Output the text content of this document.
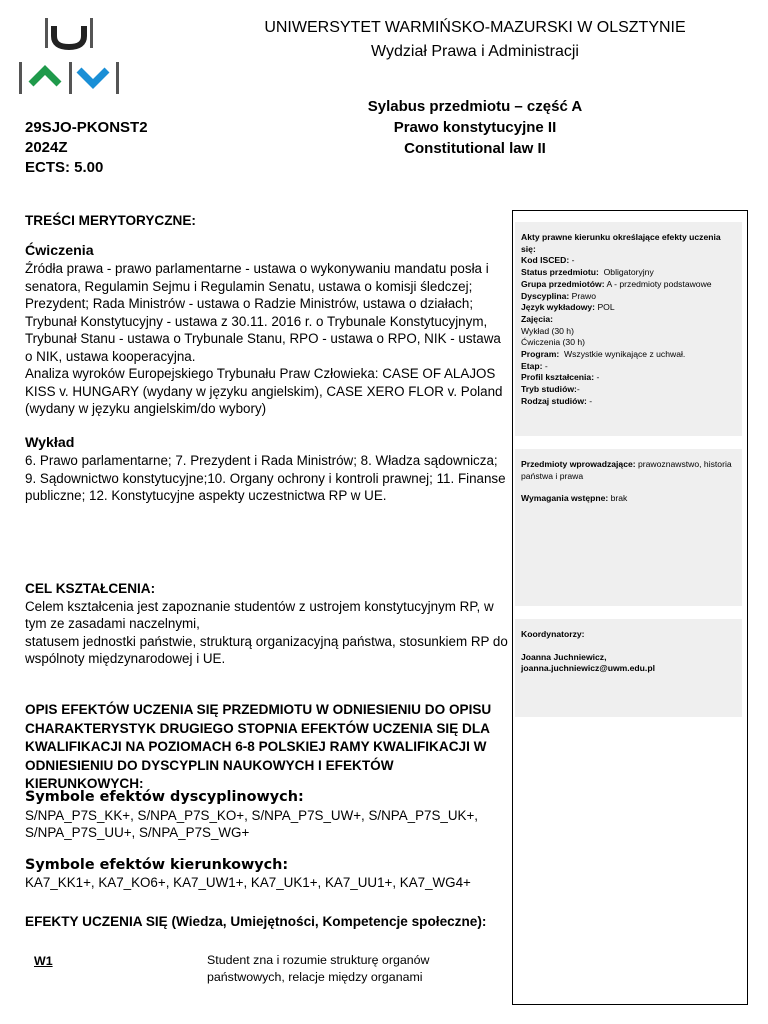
UNIWERSYTET WARMIŃSKO-MAZURSKI W OLSZTYNIE
Wydział Prawa i Administracji
Sylabus przedmiotu – część A
Prawo konstytucyjne II
Constitutional law II
29SJO-PKONST2
2024Z
ECTS: 5.00
TREŚCI MERYTORYCZNE:
Ćwiczenia
Źródła prawa - prawo parlamentarne - ustawa o wykonywaniu mandatu posła i senatora, Regulamin Sejmu i Regulamin Senatu, ustawa o komisji śledczej; Prezydent; Rada Ministrów - ustawa o Radzie Ministrów, ustawa o działach; Trybunał Konstytucyjny - ustawa z 30.11. 2016 r. o Trybunale Konstytucyjnym, Trybunał Stanu - ustawa o Trybunale Stanu, RPO - ustawa o RPO, NIK - ustawa o NIK, ustawa kooperacyjna.
Analiza wyroków Europejskiego Trybunału Praw Człowieka: CASE OF ALAJOS KISS v. HUNGARY (wydany w języku angielskim), CASE XERO FLOR v. Poland (wydany w języku angielskim/do wybory)
Wykład
6. Prawo parlamentarne; 7. Prezydent i Rada Ministrów; 8. Władza sądownicza; 9. Sądownictwo konstytucyjne;10. Organy ochrony i kontroli prawnej; 11. Finanse publiczne; 12. Konstytucyjne aspekty uczestnictwa RP w UE.
CEL KSZTAŁCENIA:
Celem kształcenia jest zapoznanie studentów z ustrojem konstytucyjnym RP, w tym ze zasadami naczelnymi,
statusem jednostki państwie, strukturą organizacyjną państwa, stosunkiem RP do wspólnoty międzynarodowej i UE.
OPIS EFEKTÓW UCZENIA SIĘ PRZEDMIOTU W ODNIESIENIU DO OPISU CHARAKTERYSTYK DRUGIEGO STOPNIA EFEKTÓW UCZENIA SIĘ DLA KWALIFIKACJI NA POZIOMACH 6-8 POLSKIEJ RAMY KWALIFIKACJI W ODNIESIENIU DO DYSCYPLIN NAUKOWYCH I EFEKTÓW KIERUNKOWYCH:
Symbole efektów dyscyplinowych:
S/NPA_P7S_KK+, S/NPA_P7S_KO+, S/NPA_P7S_UW+, S/NPA_P7S_UK+, S/NPA_P7S_UU+, S/NPA_P7S_WG+
Symbole efektów kierunkowych:
KA7_KK1+, KA7_KO6+, KA7_UW1+, KA7_UK1+, KA7_UU1+, KA7_WG4+
EFEKTY UCZENIA SIĘ (Wiedza, Umiejętności, Kompetencje społeczne):
W1	Student zna i rozumie strukturę organów państwowych, relacje między organami

Akty prawne kierunku określające efekty uczenia się:

Kod ISCED: -

Status przedmiotu: Obligatoryjny

Grupa przedmiotów: A - przedmioty podstawowe

Dyscyplina: Prawo

Język wykładowy: POL

Zajęcia:

Wykład (30 h)

Ćwiczenia (30 h)

Program: Wszystkie wynikające z uchwał.

Etap: -

Profil kształcenia: -

Tryb studiów:-

Rodzaj studiów: -

Przedmioty wprowadzające: prawoznawstwo, historia państwa i prawa

Wymagania wstępne: brak

Koordynatorzy:

Joanna Juchniewicz,

joanna.juchniewicz@uwm.edu.pl
